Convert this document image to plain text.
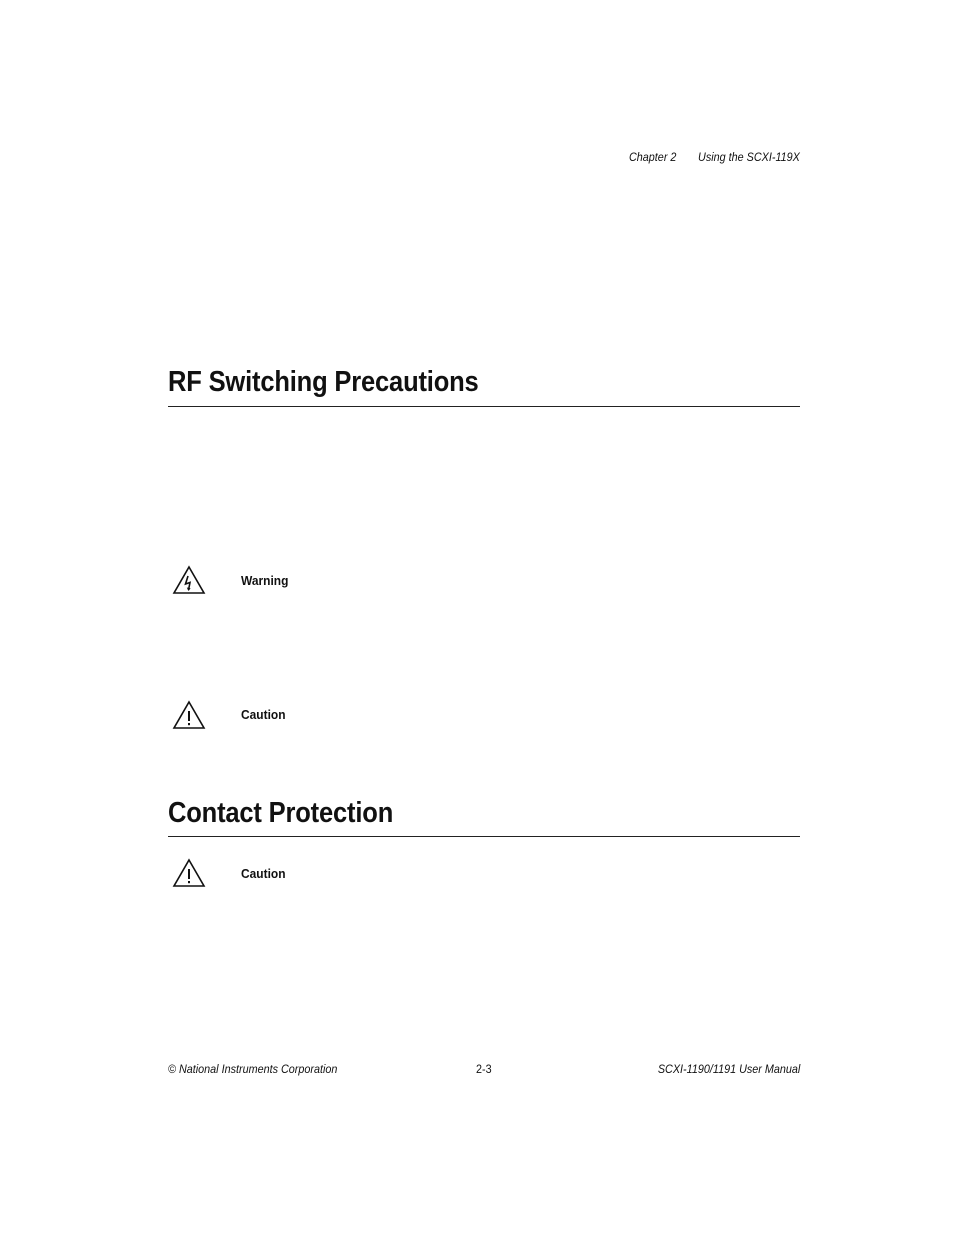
Chapter 2 Using the SCXI-119X
RF Switching Precautions
Warning
Caution
Contact Protection
Caution
© National Instruments Corporation	2-3	SCXI-1190/1191 User Manual
